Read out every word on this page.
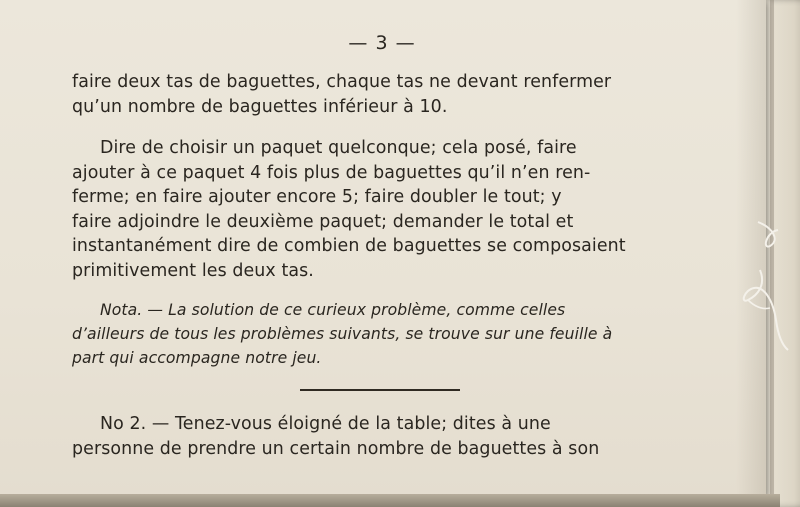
— 3 —

faire deux tas de baguettes, chaque tas ne devant renfermer
qu’un nombre de baguettes inférieur à 10.

Dire de choisir un paquet quelconque; cela posé, faire
ajouter à ce paquet 4 fois plus de baguettes qu’il n’en ren-
ferme; en faire ajouter encore 5; faire doubler le tout; y
faire adjoindre le deuxième paquet; demander le total et
instantanément dire de combien de baguettes se composaient
primitivement les deux tas.

Nota. — La solution de ce curieux problème, comme celles
d’ailleurs de tous les problèmes suivants, se trouve sur une feuille à
part qui accompagne notre jeu.

No 2. — Tenez-vous éloigné de la table; dites à une
personne de prendre un certain nombre de baguettes à son
